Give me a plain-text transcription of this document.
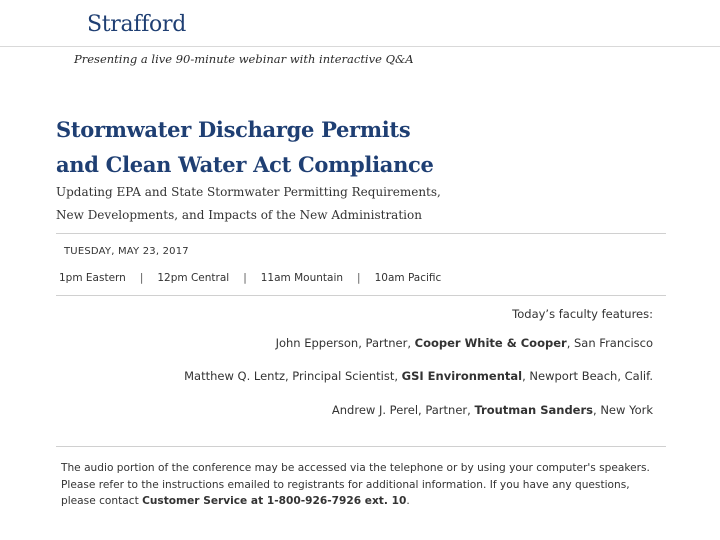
Strafford
Presenting a live 90-minute webinar with interactive Q&A
Stormwater Discharge Permits
and Clean Water Act Compliance
Updating EPA and State Stormwater Permitting Requirements,
New Developments, and Impacts of the New Administration
TUESDAY, MAY 23, 2017
1pm Eastern | 12pm Central | 11am Mountain | 10am Pacific
Today’s faculty features:
John Epperson, Partner, Cooper White & Cooper, San Francisco
Matthew Q. Lentz, Principal Scientist, GSI Environmental, Newport Beach, Calif.
Andrew J. Perel, Partner, Troutman Sanders, New York
The audio portion of the conference may be accessed via the telephone or by using your computer's speakers. Please refer to the instructions emailed to registrants for additional information. If you have any questions, please contact Customer Service at 1-800-926-7926 ext. 10.
